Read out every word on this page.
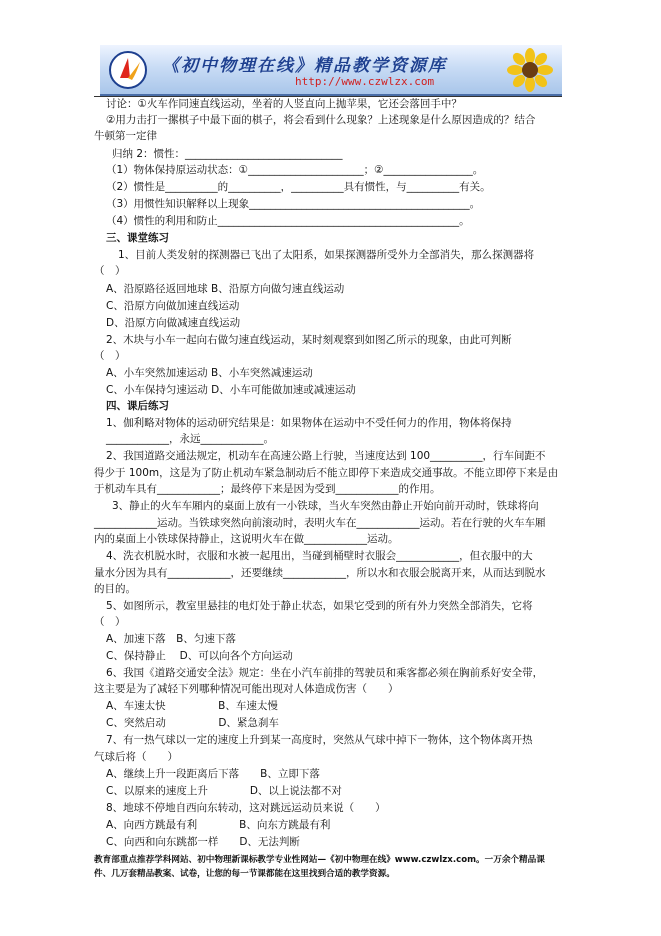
《初中物理在线》精品教学资源库
http://www.czwlzx.com
讨论：①火车作同速直线运动，坐着的人竖直向上抛苹果，它还会落回手中？
②用力击打一摞棋子中最下面的棋子，将会看到什么现象？上述现象是什么原因造成的？结合
牛顿第一定律
归纳 2：惯性：______________________________
（1）物体保持原运动状态：①______________________；②_________________。
（2）惯性是__________的__________，__________具有惯性，与__________有关。
（3）用惯性知识解释以上现象__________________________________________。
（4）惯性的利用和防止______________________________________________。
三、课堂练习
1、目前人类发射的探测器已飞出了太阳系，如果探测器所受外力全部消失，那么探测器将
（　）
A、沿原路径返回地球 B、沿原方向做匀速直线运动
C、沿原方向做加速直线运动
D、沿原方向做减速直线运动
2、木块与小车一起向右做匀速直线运动，某时刻观察到如图乙所示的现象，由此可判断
（　）
A、小车突然加速运动 B、小车突然减速运动
C、小车保持匀速运动 D、小车可能做加速或减速运动
四、课后练习
1、伽利略对物体的运动研究结果是：如果物体在运动中不受任何力的作用，物体将保持
____________，永远____________。
2、我国道路交通法规定，机动车在高速公路上行驶，当速度达到 100__________，行车间距不
得少于 100m，这是为了防止机动车紧急制动后不能立即停下来造成交通事故。不能立即停下来是由
于机动车具有____________；最终停下来是因为受到____________的作用。
3、静止的火车车厢内的桌面上放有一小铁球，当火车突然由静止开始向前开动时，铁球将向
____________运动。当铁球突然向前滚动时，表明火车在____________运动。若在行驶的火车车厢
内的桌面上小铁球保持静止，这说明火车在做____________运动。
4、洗衣机脱水时，衣服和水被一起甩出，当碰到桶壁时衣服会____________，但衣服中的大
量水分因为具有____________，还要继续____________，所以水和衣服会脱离开来，从而达到脱水
的目的。
5、如图所示，教室里悬挂的电灯处于静止状态，如果它受到的所有外力突然全部消失，它将
（　）
A、加速下落　B、匀速下落
C、保持静止　 D、可以向各个方向运动
6、我国《道路交通安全法》规定：坐在小汽车前排的驾驶员和乘客都必须在胸前系好安全带，
这主要是为了减轻下列哪种情况可能出现对人体造成伤害（　　）
A、车速太快　　　　　B、车速太慢
C、突然启动　　　　　D、紧急刹车
7、有一热气球以一定的速度上升到某一高度时，突然从气球中掉下一物体，这个物体离开热
气球后将（　　）
A、继续上升一段距离后下落　　B、立即下落
C、以原来的速度上升　　　　D、以上说法都不对
8、地球不停地自西向东转动，这对跳远运动员来说（　　）
A、向西方跳最有利　　　　B、向东方跳最有利
C、向西和向东跳都一样　　D、无法判断
教育部重点推荐学科网站、初中物理新课标教学专业性网站—《初中物理在线》www.czwlzx.com。一万余个精品课
件、几万套精品教案、试卷，让您的每一节课都能在这里找到合适的教学资源。
